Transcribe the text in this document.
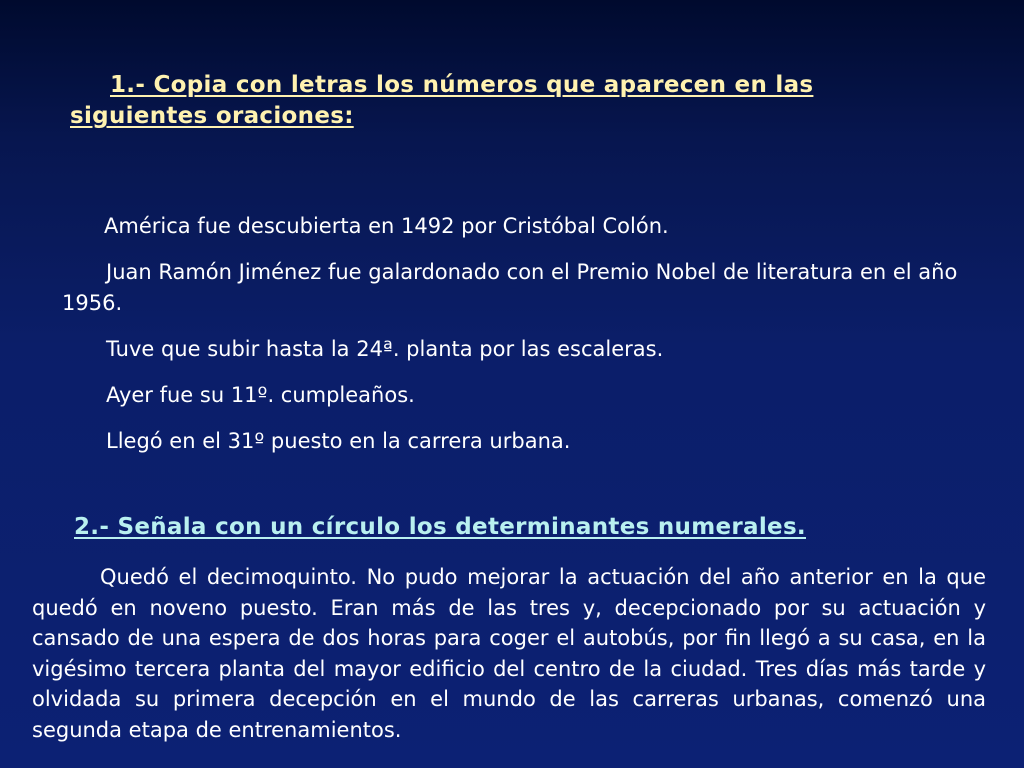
1.- Copia con letras los números que aparecen en las siguientes oraciones:
América fue descubierta en 1492 por Cristóbal Colón.
Juan Ramón Jiménez fue galardonado con el Premio Nobel de literatura en el año 1956.
Tuve que subir hasta la 24ª. planta por las escaleras.
Ayer fue su 11º. cumpleaños.
Llegó en el 31º puesto en la carrera urbana.
2.- Señala con un círculo los determinantes numerales.

Quedó el decimoquinto. No pudo mejorar la actuación del año anterior en la que quedó en noveno puesto. Eran más de las tres y, decepcionado por su actuación y cansado de una espera de dos horas para coger el autobús, por fin llegó a su casa, en la vigésimo tercera planta del mayor edificio del centro de la ciudad. Tres días más tarde y olvidada su primera decepción en el mundo de las carreras urbanas, comenzó una segunda etapa de entrenamientos.
